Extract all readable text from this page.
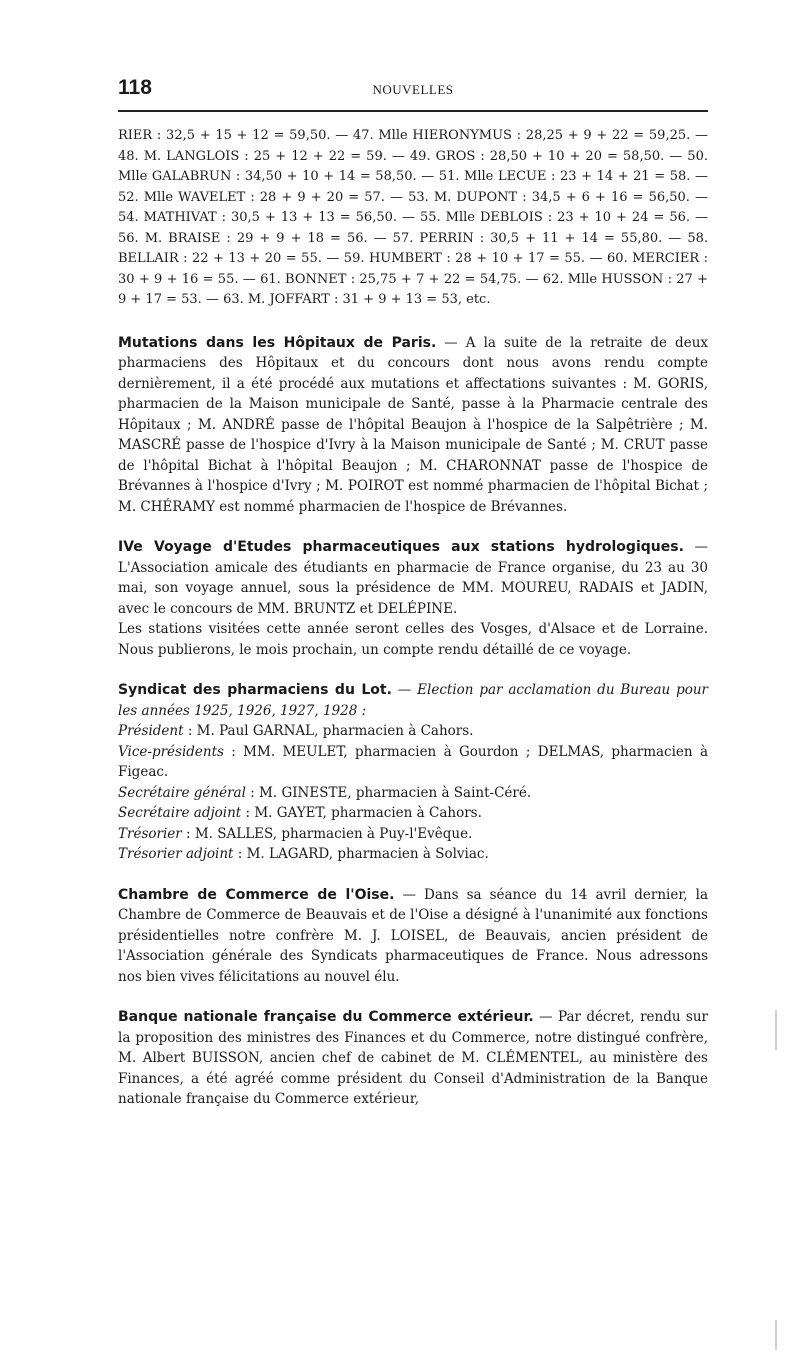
118	NOUVELLES

RIER : 32,5 + 15 + 12 = 59,50. — 47. Mlle HIERONYMUS : 28,25 + 9 + 22 = 59,25. — 48. M. LANGLOIS : 25 + 12 + 22 = 59. — 49. GROS : 28,50 + 10 + 20 = 58,50. — 50. Mlle GALABRUN : 34,50 + 10 + 14 = 58,50. — 51. Mlle LECUE : 23 + 14 + 21 = 58. — 52. Mlle WAVELET : 28 + 9 + 20 = 57. — 53. M. DUPONT : 34,5 + 6 + 16 = 56,50. — 54. MATHIVAT : 30,5 + 13 + 13 = 56,50. — 55. Mlle DEBLOIS : 23 + 10 + 24 = 56. — 56. M. BRAISE : 29 + 9 + 18 = 56. — 57. PERRIN : 30,5 + 11 + 14 = 55,80. — 58. BELLAIR : 22 + 13 + 20 = 55. — 59. HUMBERT : 28 + 10 + 17 = 55. — 60. MERCIER : 30 + 9 + 16 = 55. — 61. BONNET : 25,75 + 7 + 22 = 54,75. — 62. Mlle HUSSON : 27 + 9 + 17 = 53. — 63. M. JOFFART : 31 + 9 + 13 = 53, etc.

Mutations dans les Hôpitaux de Paris. — A la suite de la retraite de deux pharmaciens des Hôpitaux et du concours dont nous avons rendu compte dernièrement, il a été procédé aux mutations et affectations suivantes : M. GORIS, pharmacien de la Maison municipale de Santé, passe à la Pharmacie centrale des Hôpitaux ; M. ANDRÉ passe de l'hôpital Beaujon à l'hospice de la Salpêtrière ; M. MASCRÉ passe de l'hospice d'Ivry à la Maison municipale de Santé ; M. CRUT passe de l'hôpital Bichat à l'hôpital Beaujon ; M. CHARONNAT passe de l'hospice de Brévannes à l'hospice d'Ivry ; M. POIROT est nommé pharmacien de l'hôpital Bichat ; M. CHÉRAMY est nommé pharmacien de l'hospice de Brévannes.

IVe Voyage d'Etudes pharmaceutiques aux stations hydrologiques. — L'Association amicale des étudiants en pharmacie de France organise, du 23 au 30 mai, son voyage annuel, sous la présidence de MM. MOUREU, RADAIS et JADIN, avec le concours de MM. BRUNTZ et DELÉPINE.

Les stations visitées cette année seront celles des Vosges, d'Alsace et de Lorraine. Nous publierons, le mois prochain, un compte rendu détaillé de ce voyage.

Syndicat des pharmaciens du Lot. — Election par acclamation du Bureau pour les années 1925, 1926, 1927, 1928 :

Président : M. Paul GARNAL, pharmacien à Cahors.

Vice-présidents : MM. MEULET, pharmacien à Gourdon ; DELMAS, pharmacien à Figeac.

Secrétaire général : M. GINESTE, pharmacien à Saint-Céré.

Secrétaire adjoint : M. GAYET, pharmacien à Cahors.

Trésorier : M. SALLES, pharmacien à Puy-l'Evêque.

Trésorier adjoint : M. LAGARD, pharmacien à Solviac.

Chambre de Commerce de l'Oise. — Dans sa séance du 14 avril dernier, la Chambre de Commerce de Beauvais et de l'Oise a désigné à l'unanimité aux fonctions présidentielles notre confrère M. J. LOISEL, de Beauvais, ancien président de l'Association générale des Syndicats pharmaceutiques de France. Nous adressons nos bien vives félicitations au nouvel élu.

Banque nationale française du Commerce extérieur. — Par décret, rendu sur la proposition des ministres des Finances et du Commerce, notre distingué confrère, M. Albert BUISSON, ancien chef de cabinet de M. CLÉMENTEL, au ministère des Finances, a été agréé comme président du Conseil d'Administration de la Banque nationale française du Commerce extérieur,
